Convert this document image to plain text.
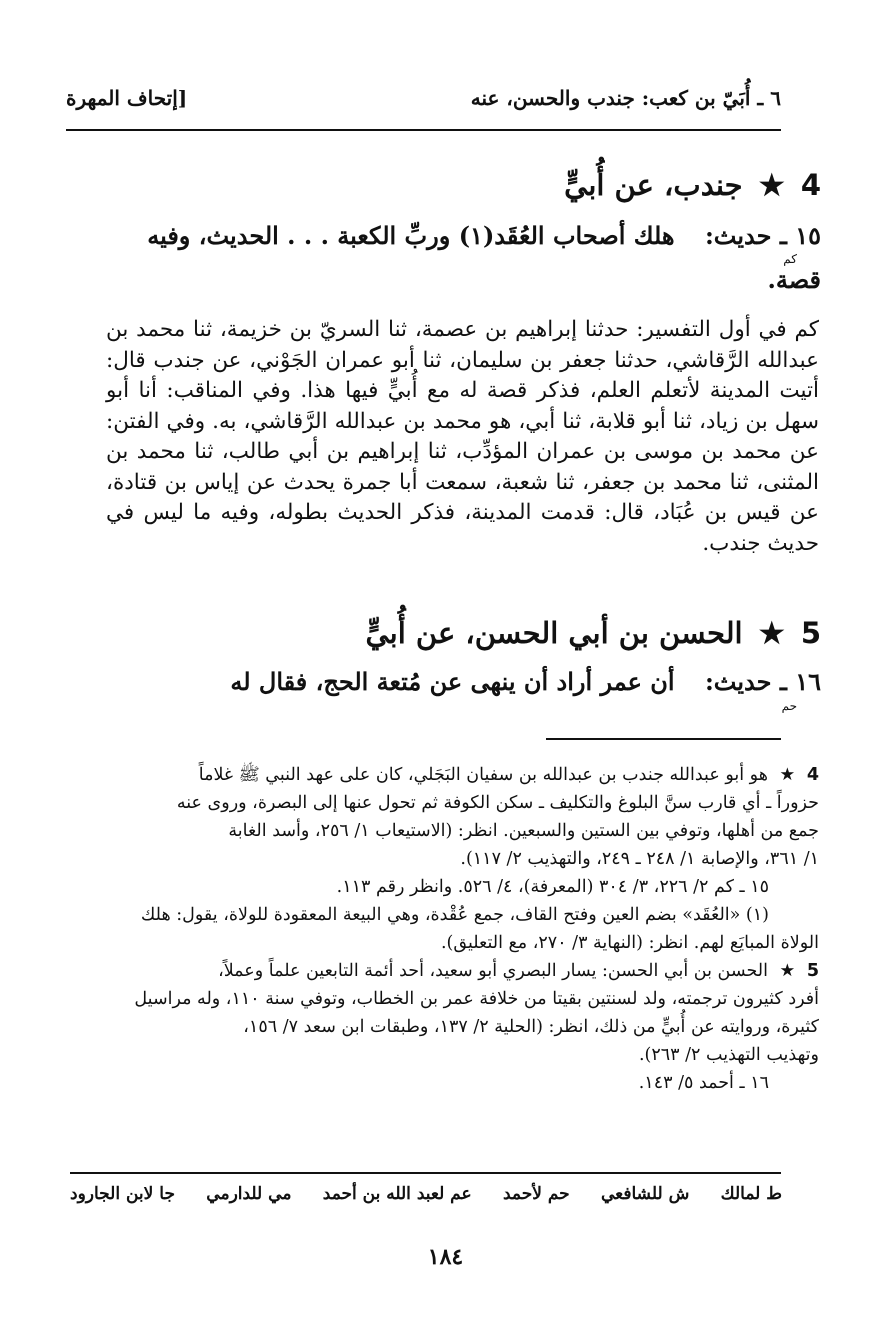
٦ ـ أُبَيّ بن كعب: جندب والحسن، عنه
[إتحاف المهرة
4 ★ جندب، عن أُبيٍّ
١٥ ـ حديث: هلك أصحاب العُقَد(١) وربِّ الكعبة . . . الحديث، وفيه
كم
قصة.
كم في أول التفسير: حدثنا إبراهيم بن عصمة، ثنا السريّ بن خزيمة، ثنا محمد بن عبدالله الرَّقاشي، حدثنا جعفر بن سليمان، ثنا أبو عمران الجَوْني، عن جندب قال: أتيت المدينة لأتعلم العلم، فذكر قصة له مع أُبيٍّ فيها هذا. وفي المناقب: أنا أبو سهل بن زياد، ثنا أبو قلابة، ثنا أبي، هو محمد بن عبدالله الرَّقاشي، به. وفي الفتن: عن محمد بن موسى بن عمران المؤدِّب، ثنا إبراهيم بن أبي طالب، ثنا محمد بن المثنى، ثنا محمد بن جعفر، ثنا شعبة، سمعت أبا جمرة يحدث عن إياس بن قتادة، عن قيس بن عُبَاد، قال: قدمت المدينة، فذكر الحديث بطوله، وفيه ما ليس في حديث جندب.
5 ★ الحسن بن أبي الحسن، عن أُبيٍّ
١٦ ـ حديث: أن عمر أراد أن ينهى عن مُتعة الحج، فقال له
حم
4 ★ هو أبو عبدالله جندب بن عبدالله بن سفيان البَجَلي، كان على عهد النبي ﷺ غلاماً
حزوراً ـ أي قارب سنَّ البلوغ والتكليف ـ سكن الكوفة ثم تحول عنها إلى البصرة، وروى عنه
جمع من أهلها، وتوفي بين الستين والسبعين. انظر: (الاستيعاب ١/ ٢٥٦، وأسد الغابة
١/ ٣٦١، والإصابة ١/ ٢٤٨ ـ ٢٤٩، والتهذيب ٢/ ١١٧).
١٥ ـ كم ٢/ ٢٢٦، ٣/ ٣٠٤ (المعرفة)، ٤/ ٥٢٦. وانظر رقم ١١٣.
(١) «العُقَد» بضم العين وفتح القاف، جمع عُقْدة، وهي البيعة المعقودة للولاة، يقول: هلك
الولاة المبايَع لهم. انظر: (النهاية ٣/ ٢٧٠، مع التعليق).
5 ★ الحسن بن أبي الحسن: يسار البصري أبو سعيد، أحد أئمة التابعين علماً وعملاً،
أفرد كثيرون ترجمته، ولد لسنتين بقيتا من خلافة عمر بن الخطاب، وتوفي سنة ١١٠، وله مراسيل
كثيرة، وروايته عن أُبيٍّ من ذلك، انظر: (الحلية ٢/ ١٣٧، وطبقات ابن سعد ٧/ ١٥٦،
وتهذيب التهذيب ٢/ ٢٦٣).
١٦ ـ أحمد ٥/ ١٤٣.
ط لمالك
ش للشافعي
حم لأحمد
عم لعبد الله بن أحمد
مي للدارمي
جا لابن الجارود
١٨٤
